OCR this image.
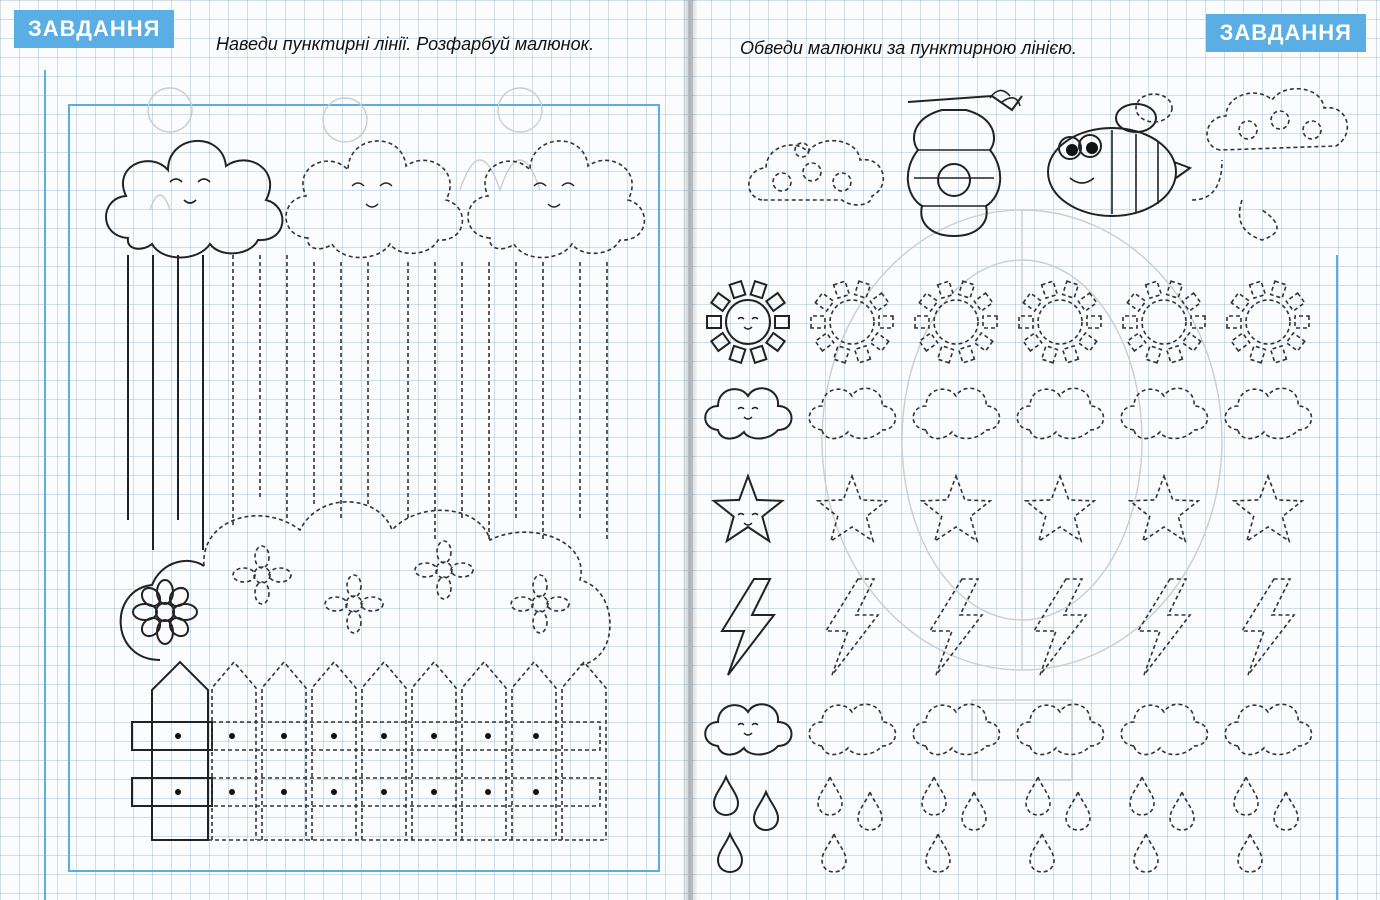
ЗАВДАННЯ
Наведи пунктирні лінії. Розфарбуй малюнок.	ЗАВДАННЯ
Обведи малюнки за пунктирною лінією.
